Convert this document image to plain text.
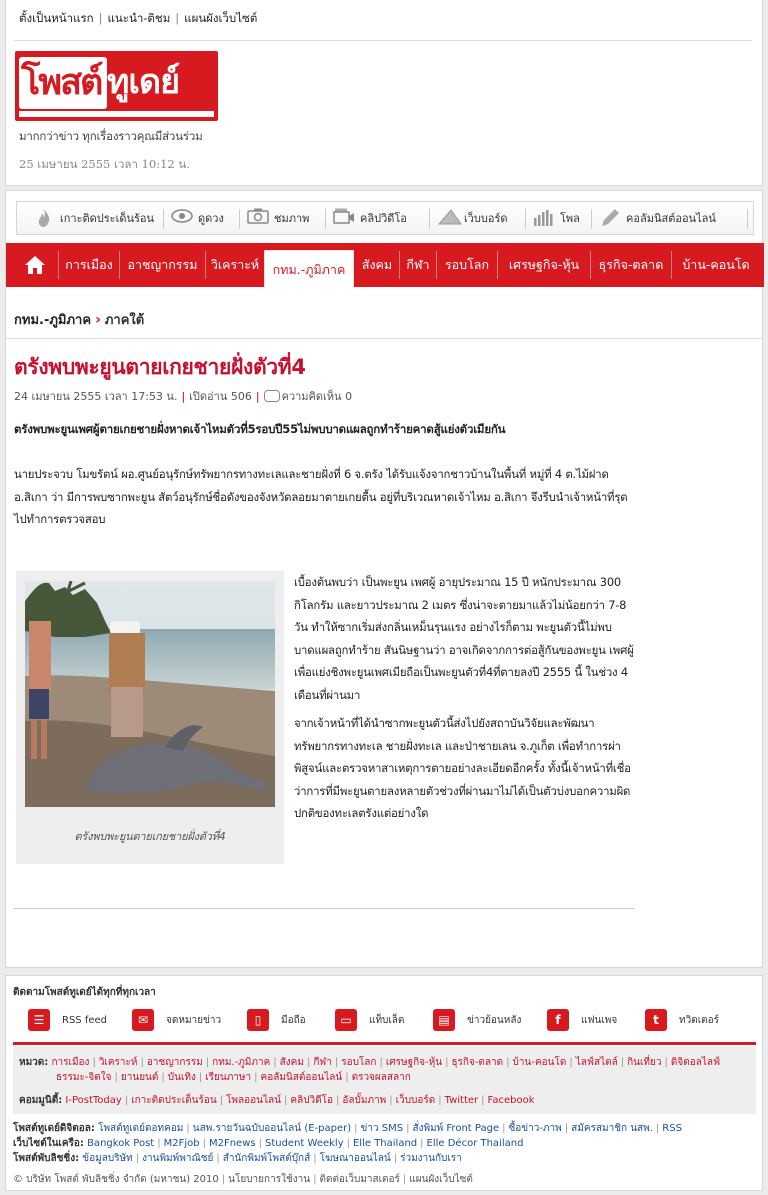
ตั้งเป็นหน้าแรก | แนะนำ-ติชม | แผนผังเว็บไซต์
โพสต์ ทูเดย์
มากกว่าข่าว ทุกเรื่องราวคุณมีส่วนร่วม
25 เมษายน 2555 เวลา 10:12 น.
เกาะติดประเด็นร้อน	ดูดวง	ชมภาพ	คลิปวิดีโอ	เว็บบอร์ด	โพล	คอลัมนิสต์ออนไลน์
การเมือง	อาชญากรรม	วิเคราะห์	กทม.-ภูมิภาค	สังคม	กีฬา	รอบโลก	เศรษฐกิจ-หุ้น	ธุรกิจ-ตลาด	บ้าน-คอนโด
กทม.-ภูมิภาค › ภาคใต้
ตรังพบพะยูนตายเกยชายฝั่งตัวที่4
24 เมษายน 2555 เวลา 17:53 น. | เปิดอ่าน 506 | ความคิดเห็น 0
ตรังพบพะยูนเพศผู้ตายเกยชายฝั่งหาดเจ้าไหมตัวที่5รอบปี55ไม่พบบาดแผลถูกทำร้ายคาดสู้แย่งตัวเมียกัน
นายประจวบ โมขรัตน์ ผอ.ศูนย์อนุรักษ์ทรัพยากรทางทะเลและชายฝั่งที่ 6 จ.ตรัง ได้รับแจ้งจากชาวบ้านในพื้นที่ หมู่ที่ 4 ต.ไม้ฝาด อ.สิเกา ว่า มีการพบซากพะยูน สัตว์อนุรักษ์ชื่อดังของจังหวัดลอยมาตายเกยตื้น อยู่ที่บริเวณหาดเจ้าไหม อ.สิเกา จึงรีบนำเจ้าหน้าที่รุดไปทำการตรวจสอบ
ตรังพบพะยูนตายเกยชายฝั่งตัวที่4
เบื้องต้นพบว่า เป็นพะยูน เพศผู้ อายุประมาณ 15 ปี หนักประมาณ 300 กิโลกรัม และยาวประมาณ 2 เมตร ซึ่งน่าจะตายมาแล้วไม่น้อยกว่า 7-8 วัน ทำให้ซากเริ่มส่งกลิ่นเหม็นรุนแรง อย่างไรก็ตาม พะยูนตัวนี้ไม่พบบาดแผลถูกทำร้าย สันนิษฐานว่า อาจเกิดจากการต่อสู้กันของพะยูน เพศผู้เพื่อแย่งชิงพะยูนเพศเมียถือเป็นพะยูนตัวที่4ที่ตายลงปี 2555 นี้ ในช่วง 4 เดือนที่ผ่านมา
จากเจ้าหน้าที่ได้นำซากพะยูนตัวนี้ส่งไปยังสถาบันวิจัยและพัฒนาทรัพยากรทางทะเล ชายฝั่งทะเล และป่าชายเลน จ.ภูเก็ต เพื่อทำการผ่าพิสูจน์และตรวจหาสาเหตุการตายอย่างละเอียดอีกครั้ง ทั้งนี้เจ้าหน้าที่เชื่อว่าการที่มีพะยูนตายลงหลายตัวช่วงที่ผ่านมาไม่ได้เป็นตัวบ่งบอกความผิดปกติของทะเลตรังแต่อย่างใด
ติดตามโพสต์ทูเดย์ได้ทุกที่ทุกเวลา
☰	RSS feed	✉	จดหมายข่าว	▯	มือถือ	▭	แท็บเล็ต	▤	ข่าวย้อนหลัง	f	แฟนเพจ	t	ทวิตเตอร์
หมวด: การเมือง | วิเคราะห์ | อาชญากรรม | กทม.-ภูมิภาค | สังคม | กีฬา | รอบโลก | เศรษฐกิจ-หุ้น | ธุรกิจ-ตลาด | บ้าน-คอนโด | ไลฟ์สไตล์ | กินเที่ยว | ดิจิตอลไลฟ์
ธรรมะ-จิตใจ | ยานยนต์ | บันเทิง | เรียนภาษา | คอลัมนิสต์ออนไลน์ | ตรวจผลสลาก
คอมมูนิตี้: I-PostToday | เกาะติดประเด็นร้อน | โพลออนไลน์ | คลิปวิดีโอ | อัลบั้มภาพ | เว็บบอร์ด | Twitter | Facebook
โพสต์ทูเดย์ดิจิตอล: โพสต์ทูเดย์ดอทคอม | นสพ.รายวันฉบับออนไลน์ (E-paper) | ข่าว SMS | สั่งพิมพ์ Front Page | ซื้อข่าว-ภาพ | สมัครสมาชิก นสพ. | RSS
เว็บไซต์ในเครือ: Bangkok Post | M2Fjob | M2Fnews | Student Weekly | Elle Thailand | Elle Décor Thailand
โพสต์พับลิชชิ่ง: ข้อมูลบริษัท | งานพิมพ์พาณิชย์ | สำนักพิมพ์โพสต์บุ๊กส์ | โฆษณาออนไลน์ | ร่วมงานกับเรา
© บริษัท โพสต์ พับลิชชิ่ง จำกัด (มหาชน) 2010 | นโยบายการใช้งาน | ติดต่อเว็บมาสเตอร์ | แผนผังเว็บไซต์
